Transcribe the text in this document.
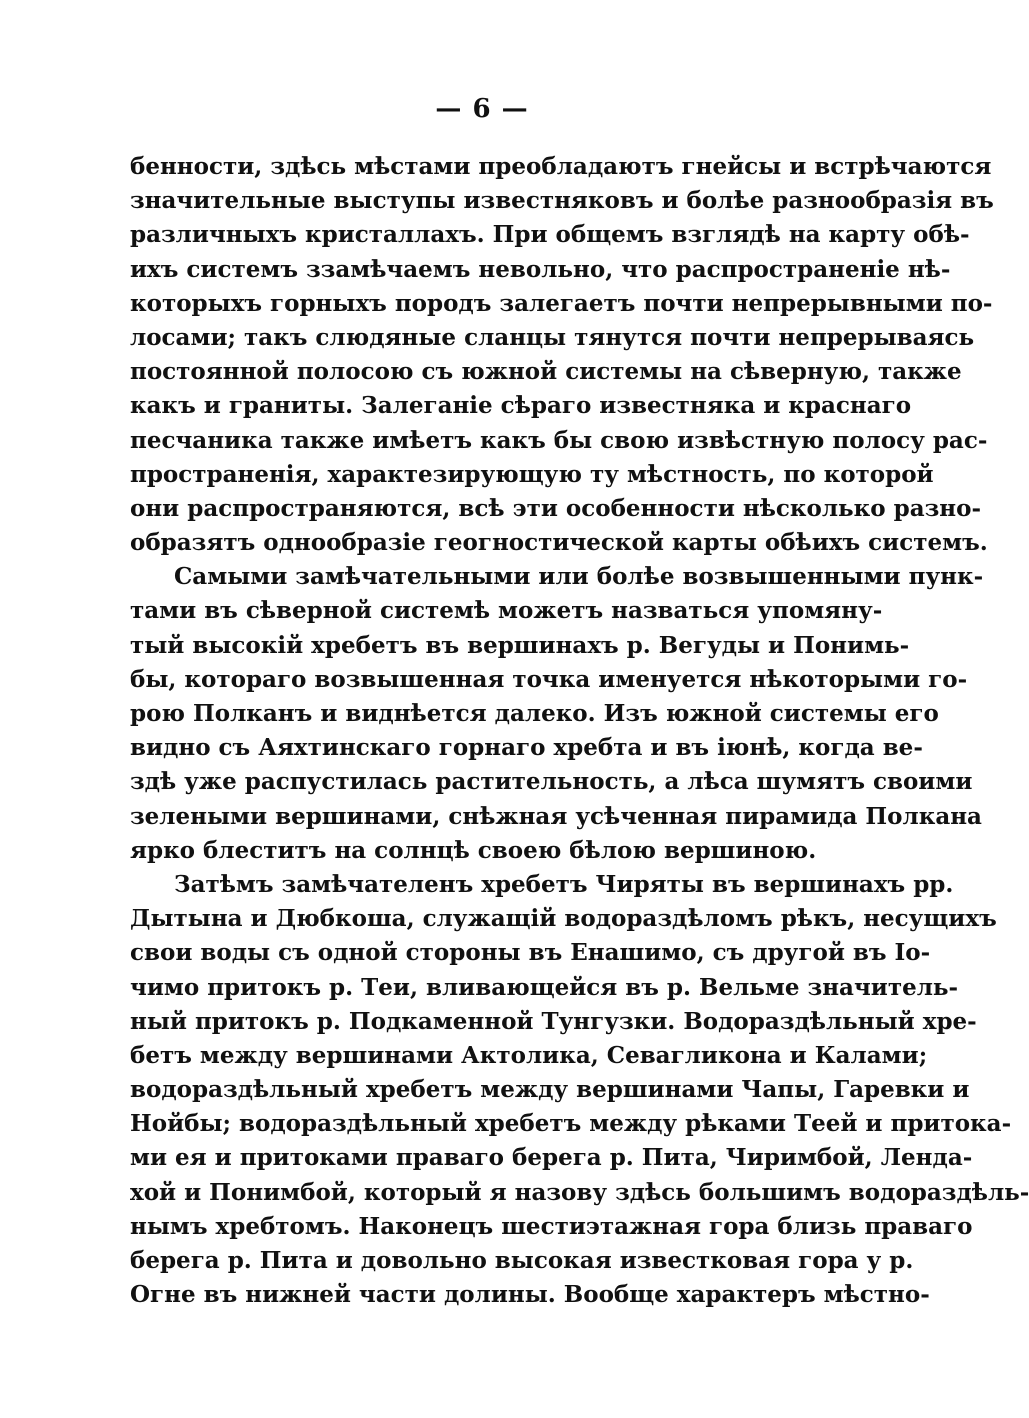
— 6 —
бенности, здѣсь мѣстами преобладаютъ гнейсы и встрѣчаются
значительные выступы известняковъ и болѣе разнообразія въ
различныхъ кристаллахъ. При общемъ взглядѣ на карту обѣ-
ихъ системъ ззамѣчаемъ невольно, что распространеніе нѣ-
которыхъ горныхъ породъ залегаетъ почти непрерывными по-
лосами; такъ слюдяные сланцы тянутся почти непрерываясь
постоянной полосою съ южной системы на сѣверную, также
какъ и граниты. Залеганіе сѣраго известняка и краснаго
песчаника также имѣетъ какъ бы свою извѣстную полосу рас-
пространенія, характезирующую ту мѣстность, по которой
они распространяются, всѣ эти особенности нѣсколько разно-
образятъ однообразіе геогностической карты обѣихъ системъ.
Самыми замѣчательными или болѣе возвышенными пунк-
тами въ сѣверной системѣ можетъ назваться упомяну-
тый высокій хребетъ въ вершинахъ р. Вегуды и Понимь-
бы, котораго возвышенная точка именуется нѣкоторыми го-
рою Полканъ и виднѣется далеко. Изъ южной системы его
видно съ Аяхтинскаго горнаго хребта и въ іюнѣ, когда ве-
здѣ уже распустилась растительность, а лѣса шумятъ своими
зелеными вершинами, снѣжная усѣченная пирамида Полкана
ярко блеститъ на солнцѣ своею бѣлою вершиною.
Затѣмъ замѣчателенъ хребетъ Чиряты въ вершинахъ рр.
Дытына и Дюбкоша, служащій водораздѣломъ рѣкъ, несущихъ
свои воды съ одной стороны въ Енашимо, съ другой въ Іо-
чимо притокъ р. Теи, вливающейся въ р. Вельме значитель-
ный притокъ р. Подкаменной Тунгузки. Водораздѣльный хре-
бетъ между вершинами Актолика, Севагликона и Калами;
водораздѣльный хребетъ между вершинами Чапы, Гаревки и
Нойбы; водораздѣльный хребетъ между рѣками Теей и притока-
ми ея и притоками праваго берега р. Пита, Чиримбой, Ленда-
хой и Понимбой, который я назову здѣсь большимъ водораздѣль-
нымъ хребтомъ. Наконецъ шестиэтажная гора близь праваго
берега р. Пита и довольно высокая известковая гора у р.
Огне въ нижней части долины. Вообще характеръ мѣстно-
